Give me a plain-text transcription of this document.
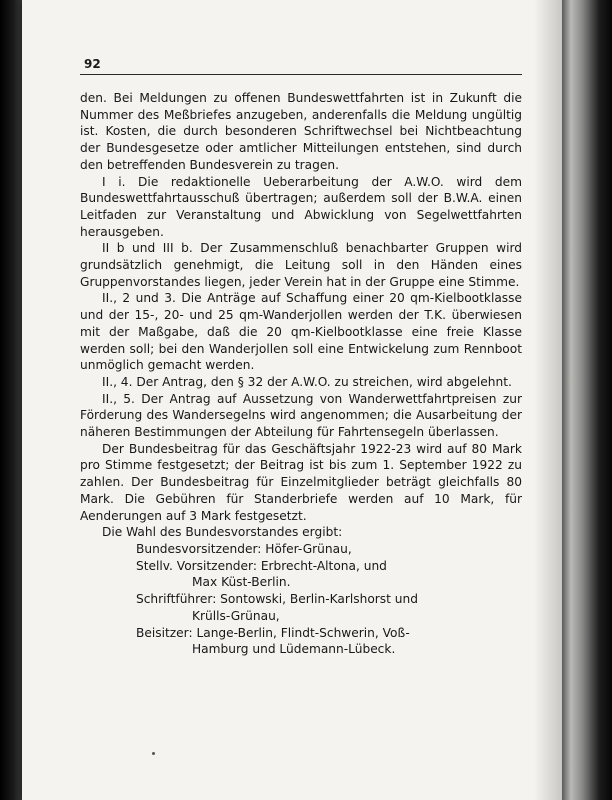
92

den. Bei Meldungen zu offenen Bundeswettfahrten ist in Zukunft die Nummer des Meßbriefes anzugeben, anderenfalls die Meldung ungültig ist. Kosten, die durch besonderen Schriftwechsel bei Nichtbeachtung der Bundesgesetze oder amtlicher Mitteilungen entstehen, sind durch den betreffenden Bundesverein zu tragen.

I i. Die redaktionelle Ueberarbeitung der A.W.O. wird dem Bundeswettfahrtausschuß übertragen; außerdem soll der B.W.A. einen Leitfaden zur Veranstaltung und Abwicklung von Segelwettfahrten herausgeben.

II b und III b. Der Zusammenschluß benachbarter Gruppen wird grundsätzlich genehmigt, die Leitung soll in den Händen eines Gruppenvorstandes liegen, jeder Verein hat in der Gruppe eine Stimme.

II., 2 und 3. Die Anträge auf Schaffung einer 20 qm-Kielbootklasse und der 15-, 20- und 25 qm-Wanderjollen werden der T.K. überwiesen mit der Maßgabe, daß die 20 qm-Kielbootklasse eine freie Klasse werden soll; bei den Wanderjollen soll eine Entwickelung zum Rennboot unmöglich gemacht werden.

II., 4. Der Antrag, den § 32 der A.W.O. zu streichen, wird abgelehnt.

II., 5. Der Antrag auf Aussetzung von Wanderwettfahrtpreisen zur Förderung des Wandersegelns wird angenommen; die Ausarbeitung der näheren Bestimmungen der Abteilung für Fahrtensegeln überlassen.

Der Bundesbeitrag für das Geschäftsjahr 1922-23 wird auf 80 Mark pro Stimme festgesetzt; der Beitrag ist bis zum 1. September 1922 zu zahlen. Der Bundesbeitrag für Einzelmitglieder beträgt gleichfalls 80 Mark. Die Gebühren für Standerbriefe werden auf 10 Mark, für Aenderungen auf 3 Mark festgesetzt.

Die Wahl des Bundesvorstandes ergibt:
Bundesvorsitzender: Höfer-Grünau,
Stellv. Vorsitzender: Erbrecht-Altona, und
Max Küst-Berlin.
Schriftführer: Sontowski, Berlin-Karlshorst und
Krülls-Grünau,
Beisitzer: Lange-Berlin, Flindt-Schwerin, Voß-
Hamburg und Lüdemann-Lübeck.
